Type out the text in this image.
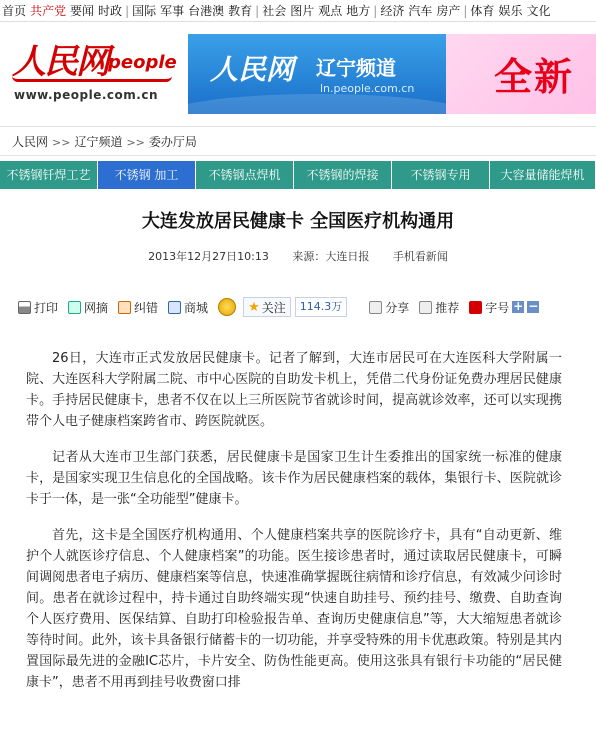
首页 共产党 要闻 时政 | 国际 军事 台港澳 教育 | 社会 图片 观点 地方 | 经济 汽车 房产 | 体育 娱乐 文化
人民网 people
www.people.com.cn
人民网 辽宁频道
ln.people.com.cn 全新
人民网 >> 辽宁频道 >> 委办厅局
不锈钢钎焊工艺	不锈钢 加工	不锈钢点焊机	不锈钢的焊接	不锈钢专用	大容量储能焊机
大连发放居民健康卡 全国医疗机构通用
2013年12月27日10:13 来源：大连日报 手机看新闻
打印 网摘 纠错 商城	★ 关注	114.3万	分享 推荐 字号 + −

26日，大连市正式发放居民健康卡。记者了解到，大连市居民可在大连医科大学附属一院、大连医科大学附属二院、市中心医院的自助发卡机上，凭借二代身份证免费办理居民健康卡。手持居民健康卡，患者不仅在以上三所医院节省就诊时间，提高就诊效率，还可以实现携带个人电子健康档案跨省市、跨医院就医。

记者从大连市卫生部门获悉，居民健康卡是国家卫生计生委推出的国家统一标准的健康卡，是国家实现卫生信息化的全国战略。该卡作为居民健康档案的载体，集银行卡、医院就诊卡于一体，是一张“全功能型”健康卡。

首先，这卡是全国医疗机构通用、个人健康档案共享的医院诊疗卡，具有“自动更新、维护个人就医诊疗信息、个人健康档案”的功能。医生接诊患者时，通过读取居民健康卡，可瞬间调阅患者电子病历、健康档案等信息，快速准确掌握既往病情和诊疗信息，有效减少问诊时间。患者在就诊过程中，持卡通过自助终端实现“快速自助挂号、预约挂号、缴费、自助查询个人医疗费用、医保结算、自助打印检验报告单、查询历史健康信息”等，大大缩短患者就诊等待时间。此外，该卡具备银行储蓄卡的一切功能，并享受特殊的用卡优惠政策。特别是其内置国际最先进的金融IC芯片，卡片安全、防伪性能更高。使用这张具有银行卡功能的“居民健康卡”，患者不用再到挂号收费窗口排
